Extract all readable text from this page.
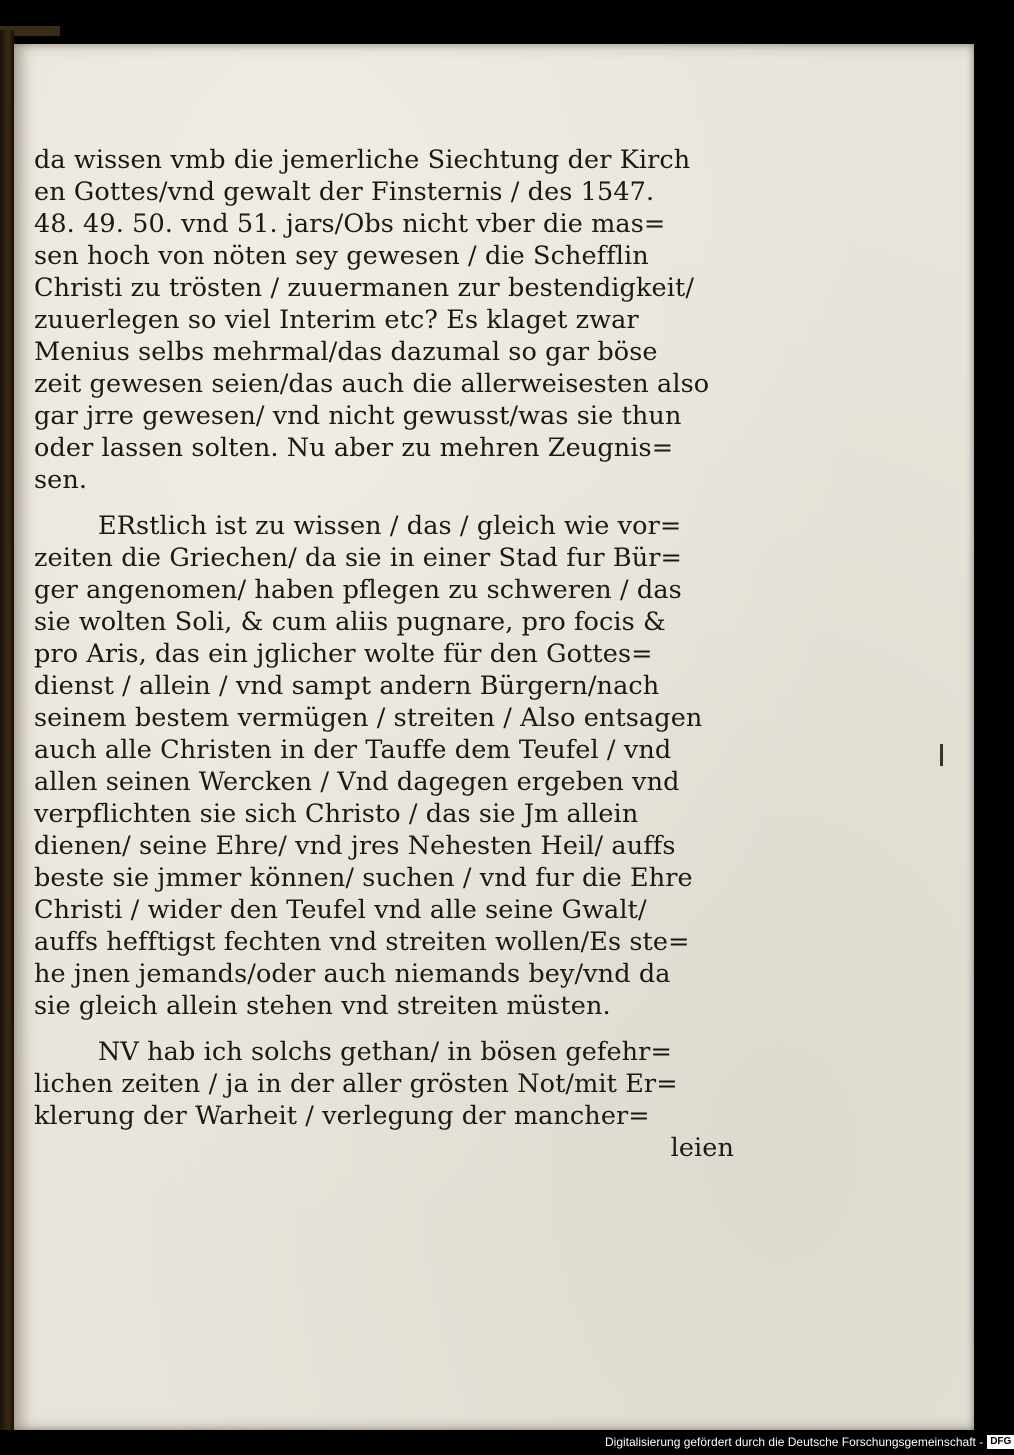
da wissen vmb die jemerliche Siechtung der Kirch
en Gottes/vnd gewalt der Finsternis / des 1547.
48. 49. 50. vnd 51. jars/Obs nicht vber die mas=
sen hoch von nöten sey gewesen / die Schefflin
Christi zu trösten / zuuermanen zur bestendigkeit/
zuuerlegen so viel Interim etc? Es klaget zwar
Menius selbs mehrmal/das dazumal so gar böse
zeit gewesen seien/das auch die allerweisesten also
gar jrre gewesen/ vnd nicht gewusst/was sie thun
oder lassen solten. Nu aber zu mehren Zeugnis=
sen.
ERstlich ist zu wissen / das / gleich wie vor=
zeiten die Griechen/ da sie in einer Stad fur Bür=
ger angenomen/ haben pflegen zu schweren / das
sie wolten Soli, & cum aliis pugnare, pro focis &
pro Aris, das ein jglicher wolte für den Gottes=
dienst / allein / vnd sampt andern Bürgern/nach
seinem bestem vermügen / streiten / Also entsagen
auch alle Christen in der Tauffe dem Teufel / vnd
allen seinen Wercken / Vnd dagegen ergeben vnd
verpflichten sie sich Christo / das sie Jm allein
dienen/ seine Ehre/ vnd jres Nehesten Heil/ auffs
beste sie jmmer können/ suchen / vnd fur die Ehre
Christi / wider den Teufel vnd alle seine Gwalt/
auffs hefftigst fechten vnd streiten wollen/Es ste=
he jnen jemands/oder auch niemands bey/vnd da
sie gleich allein stehen vnd streiten müsten.
NV hab ich solchs gethan/ in bösen gefehr=
lichen zeiten / ja in der aller grösten Not/mit Er=
klerung der Warheit / verlegung der mancher=
leien
Digitalisierung gefördert durch die Deutsche Forschungsgemeinschaft - DFG
